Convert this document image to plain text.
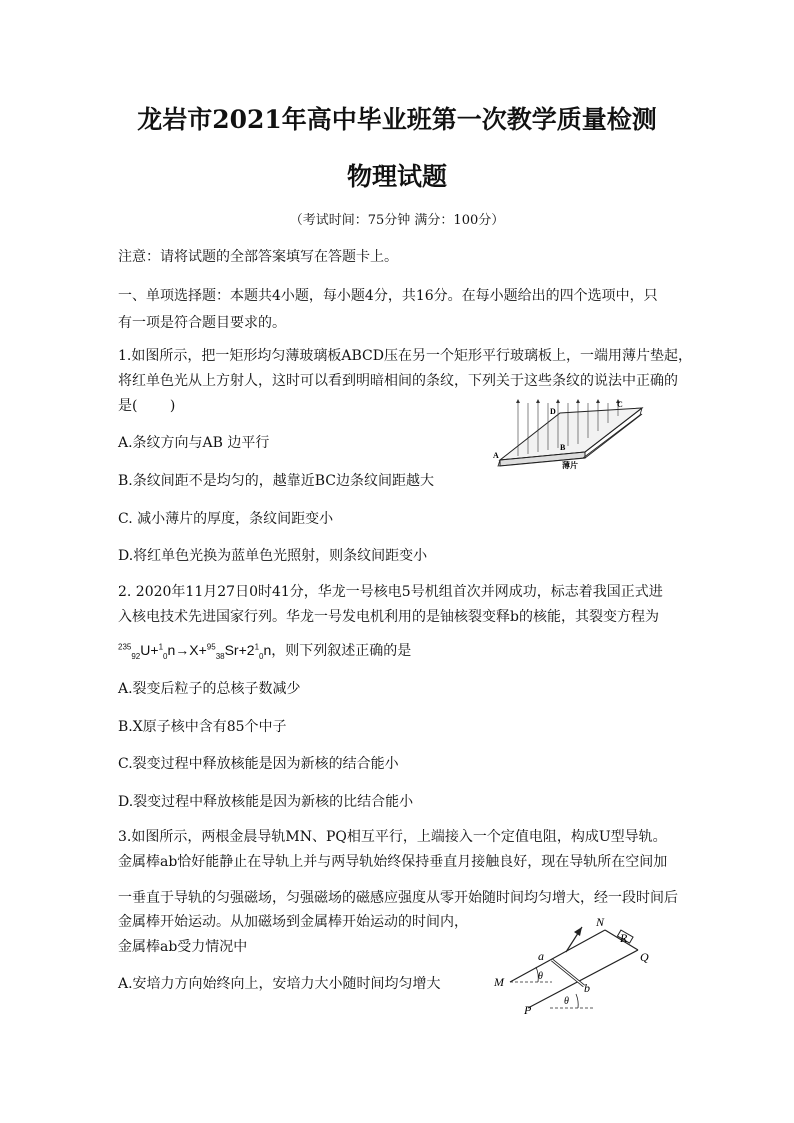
龙岩市2021年高中毕业班第一次教学质量检测
物理试题
（考试时间：75分钟 满分：100分）
注意：请将试题的全部答案填写在答题卡上。
一、单项选择题：本题共4小题，每小题4分，共16分。在每小题给出的四个选项中，只
有一项是符合题目要求的。
1.如图所示，把一矩形均匀薄玻璃板ABCD压在另一个矩形平行玻璃板上，一端用薄片垫起，
将红单色光从上方射人，这时可以看到明暗相间的条纹，下列关于这些条纹的说法中正确的
是(　　 )
A.条纹方向与AB 边平行
B.条纹间距不是均匀的，越靠近BC边条纹间距越大
C. 减小薄片的厚度，条纹间距变小
D.将红单色光换为蓝单色光照射，则条纹间距变小
D
C
B
A
薄片
2. 2020年11月27日0时41分，华龙一号核电5号机组首次并网成功，标志着我国正式进
入核电技术先进国家行列。华龙一号发电机利用的是铀核裂变释b的核能，其裂变方程为
$^{235}_{92}U+^1_0n\to X+^{95}_{38}Sr+2^1_0n$，则下列叙述正确的是
A.裂变后粒子的总核子数减少
B.X原子核中含有85个中子
C.裂变过程中释放核能是因为新核的结合能小
D.裂变过程中释放核能是因为新核的比结合能小
3.如图所示，两根金晨导轨MN、PQ相互平行，上端接入一个定值电阻，构成U型导轨。
金属棒ab恰好能静止在导轨上并与两导轨始终保持垂直月接触良好，现在导轨所在空间加
一垂直于导轨的匀强磁场，匀强磁场的磁感应强度从零开始随时间均匀增大，经一段时间后
金属棒开始运动。从加磁场到金属棒开始运动的时间内，
金属棒ab受力情况中
A.安培力方向始终向上，安培力大小随时间均匀增大
N
R
Q
a
M	θ
b
θ
P
